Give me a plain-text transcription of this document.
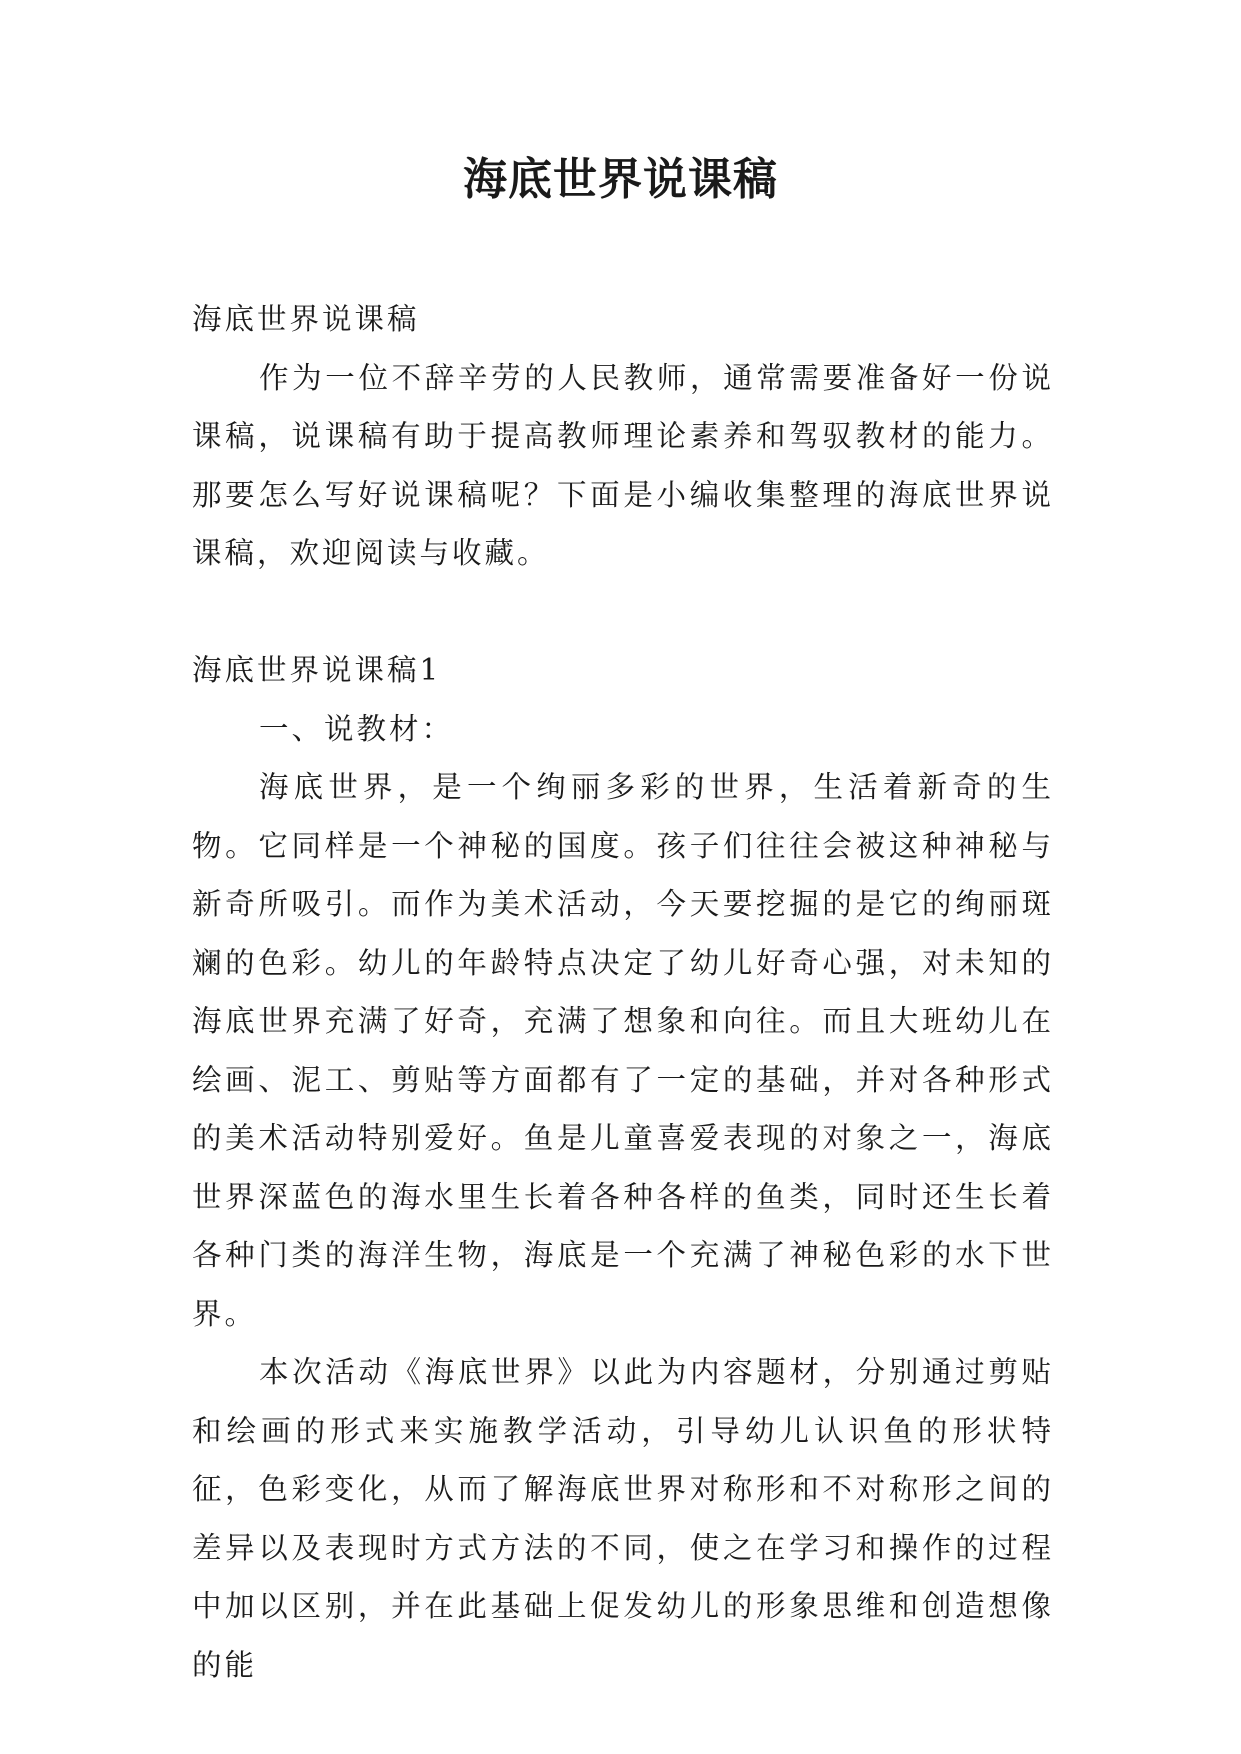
海底世界说课稿

海底世界说课稿

作为一位不辞辛劳的人民教师，通常需要准备好一份说课稿，说课稿有助于提高教师理论素养和驾驭教材的能力。那要怎么写好说课稿呢？下面是小编收集整理的海底世界说课稿，欢迎阅读与收藏。

海底世界说课稿1

一、说教材：

海底世界，是一个绚丽多彩的世界，生活着新奇的生物。它同样是一个神秘的国度。孩子们往往会被这种神秘与新奇所吸引。而作为美术活动，今天要挖掘的是它的绚丽斑斓的色彩。幼儿的年龄特点决定了幼儿好奇心强，对未知的海底世界充满了好奇，充满了想象和向往。而且大班幼儿在绘画、泥工、剪贴等方面都有了一定的基础，并对各种形式的美术活动特别爱好。鱼是儿童喜爱表现的对象之一，海底世界深蓝色的海水里生长着各种各样的鱼类，同时还生长着各种门类的海洋生物，海底是一个充满了神秘色彩的水下世界。

本次活动《海底世界》以此为内容题材，分别通过剪贴和绘画的形式来实施教学活动，引导幼儿认识鱼的形状特征，色彩变化，从而了解海底世界对称形和不对称形之间的差异以及表现时方式方法的不同，使之在学习和操作的过程中加以区别，并在此基础上促发幼儿的形象思维和创造想像的能
